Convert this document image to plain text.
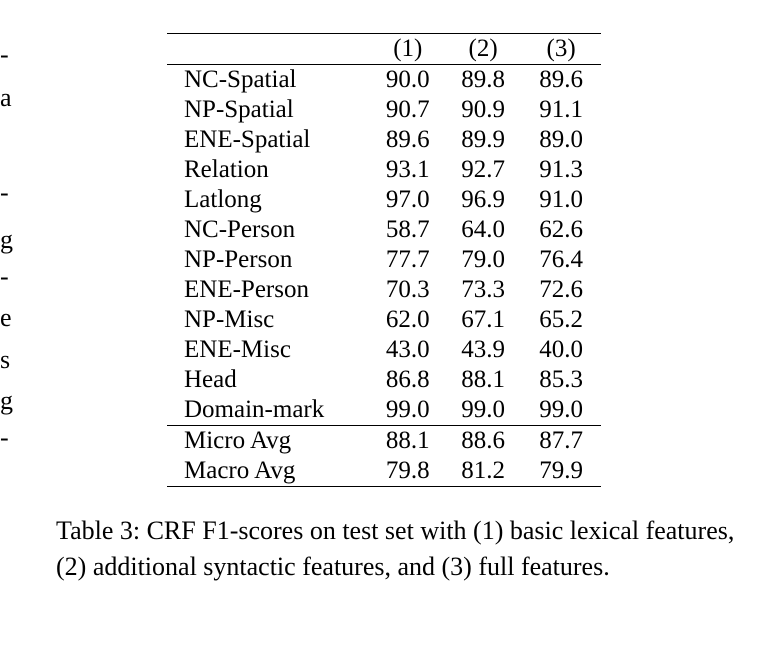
-
a
-
g
-
e
s
g
-
	(1)	(2)	(3)
NC-Spatial	90.0	89.8	89.6
NP-Spatial	90.7	90.9	91.1
ENE-Spatial	89.6	89.9	89.0
Relation	93.1	92.7	91.3
Latlong	97.0	96.9	91.0
NC-Person	58.7	64.0	62.6
NP-Person	77.7	79.0	76.4
ENE-Person	70.3	73.3	72.6
NP-Misc	62.0	67.1	65.2
ENE-Misc	43.0	43.9	40.0
Head	86.8	88.1	85.3
Domain-mark	99.0	99.0	99.0
Micro Avg	88.1	88.6	87.7
Macro Avg	79.8	81.2	79.9

Table 3: CRF F1-scores on test set with (1) basic lexical features, (2) additional syntactic features, and (3) full features.
